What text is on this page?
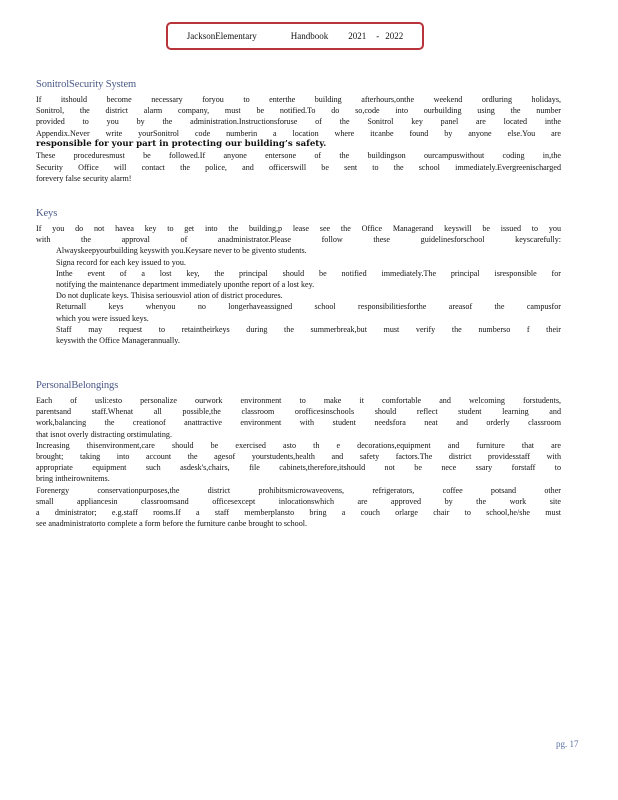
JacksonElementary	Handbook 2021 - 2022
SonitrolSecurity System

If itshould become necessary foryou to enterthe building afterhours,onthe weekend ordluring holidays,

Sonitrol, the district alarm company, must be notified.To do so,code into ourbuilding using the number

provided to you by the administration.Instructionsforuse of the Sonitrol key panel are located inthe

Appendix.Never write yourSonitrol code numberin a location where itcanbe found by anyone else.You are

responsible for your part in protecting our building’s safety.

These proceduresmust be followed.If anyone entersone of the buildingson ourcampuswithout coding in,the

Security Office will contact the police, and officerswill be sent to the school immediately.Evergreenischarged

forevery false security alarm!

Keys

If you do not havea key to get into the building,p lease see the Office Managerand keyswill be issued to you

with the approval of anadministrator.Please follow these guidelinesforschool keyscarefully:

Alwayskeepyourbuilding keyswith you.Keysare never to be givento students.

Signa record for each key issued to you.

Inthe event of a lost key, the principal should be notified immediately.The principal isresponsible for

notifying the maintenance department immediately uponthe report of a lost key.

Do not duplicate keys. Thisisa seriousviol ation of district procedures.

Returnall keys whenyou no longerhaveassigned school responsibilitiesforthe areasof the campusfor

which you were issued keys.

Staff may request to retaintheirkeys during the summerbreak,but must verify the numberso f their

keyswith the Office Managerannually.

PersonalBelongings

Each of usli:esto personalize ourwork environment to make it comfortable and welcoming forstudents,

parentsand staff.Whenat all possible,the classroom orofficesinschools should reflect student learning and

work,balancing the creationof anattractive environment with student needsfora neat and orderly classroom

that isnot overly distracting orstimulating.

Increasing thisenvironment,care should be exercised asto th e decorations,equipment and furniture that are

brought; taking into account the agesof yourstudents,health and safety factors.The district providesstaff with

appropriate equipment such asdesk's,chairs, file cabinets,therefore,itshould not be nece ssary forstaff to

bring intheirownitems.

Forenergy conservationpurposes,the district prohibitsmicrowaveovens, refrigerators, coffee potsand other

small appliancesin classroomsand officesexcept inlocationswhich are approved by the work site

a dministrator; e.g.staff rooms.If a staff memberplansto bring a couch orlarge chair to school,he/she must

see anadministratorto complete a form before the furniture canbe brought to school.

pg. 17
